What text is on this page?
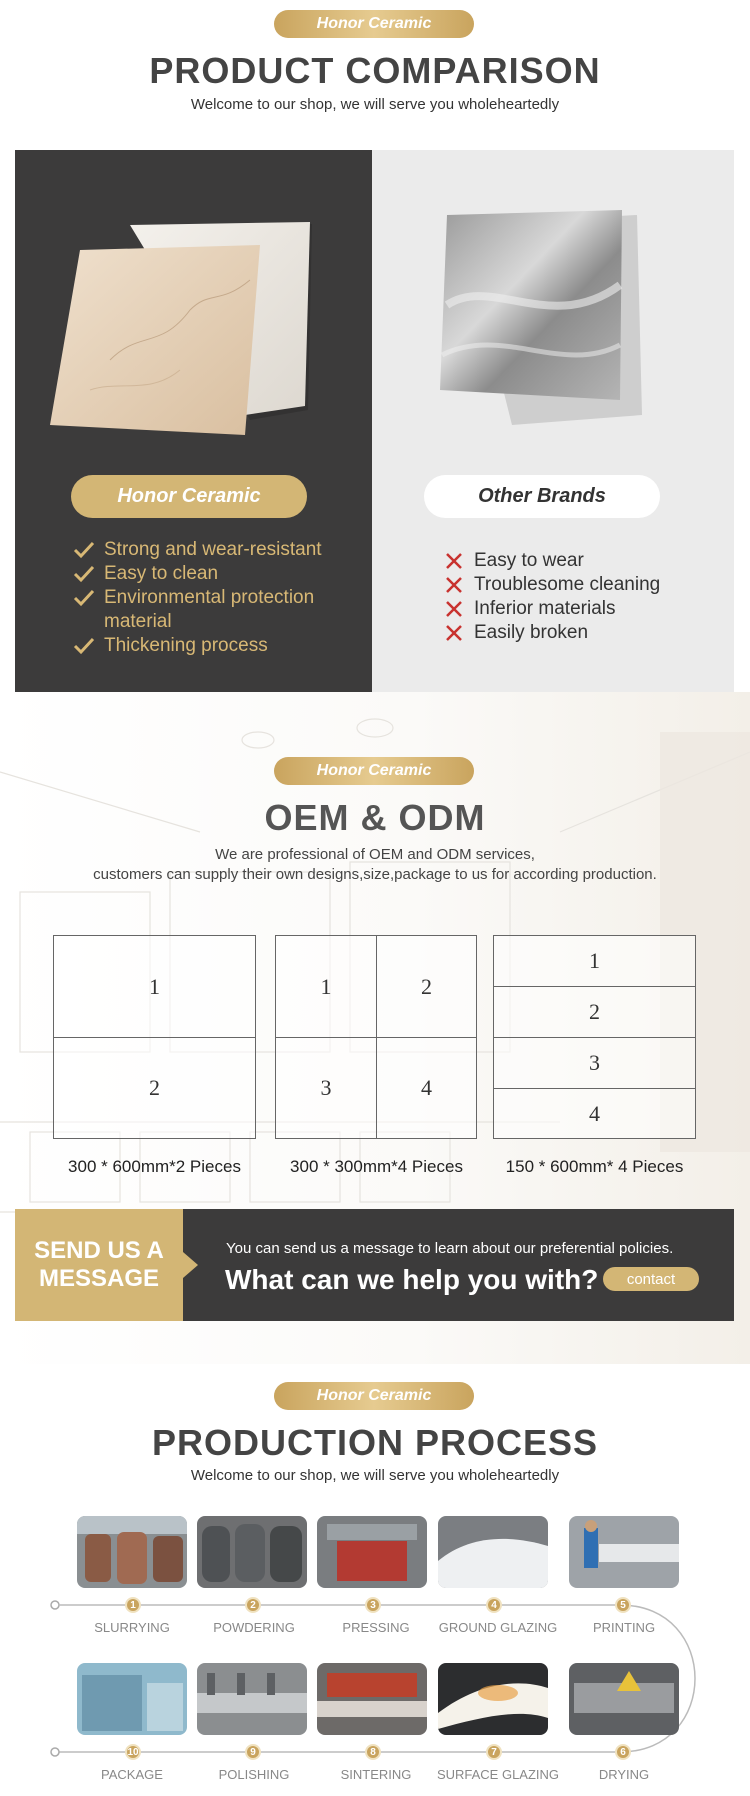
Honor Ceramic
PRODUCT COMPARISON
Welcome to our shop, we will serve you wholeheartedly
Honor Ceramic
Strong and wear-resistant
Easy to clean
Environmental protection material
Thickening process
Other Brands
Easy to wear
Troublesome cleaning
Inferior materials
Easily broken
Honor Ceramic
OEM & ODM
We are professional of OEM and ODM services,
customers can supply their own designs,size,package to us for according production.
1
2
300 * 600mm*2 Pieces
1	2
3	4
300 * 300mm*4 Pieces
1
2
3
4
150 * 600mm* 4 Pieces
SEND US A
MESSAGE
You can send us a message to learn about our preferential policies.
What can we help you with?	contact
Honor Ceramic
PRODUCTION PROCESS
Welcome to our shop, we will serve you wholeheartedly
1	2	3	4	5
SLURRYING	POWDERING	PRESSING	GROUND GLAZING	PRINTING
10	9	8	7	6
PACKAGE	POLISHING	SINTERING	SURFACE GLAZING	DRYING
